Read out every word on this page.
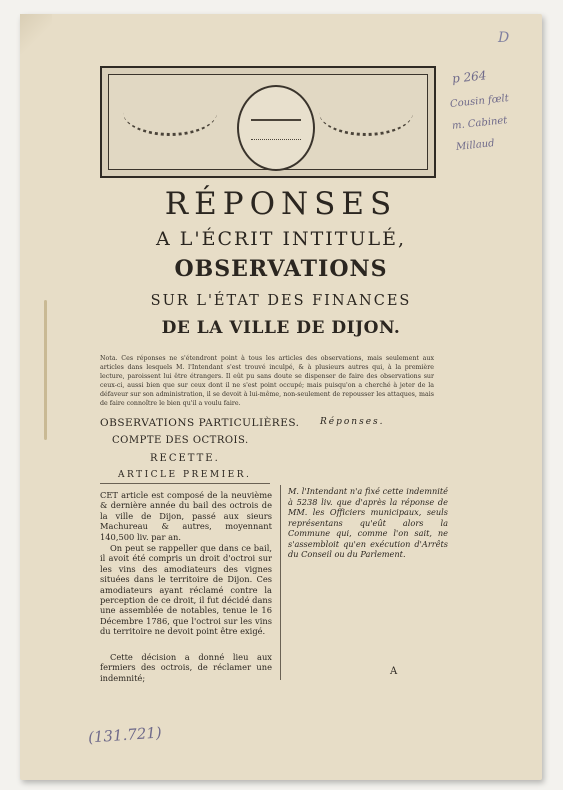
D
p 264
Cousin fœlt
m. Cabinet
Millaud
(131.721)
RÉPONSES
A L'ÉCRIT INTITULÉ,
OBSERVATIONS
SUR L'ÉTAT DES FINANCES
DE LA VILLE DE DIJON.
Nota. Ces réponses ne s'étendront point à tous les articles des observations, mais seulement aux articles dans lesquels M. l'Intendant s'est trouvé inculpé, & à plusieurs autres qui, à la première lecture, paroissent lui être étrangers. Il eût pu sans doute se dispenser de faire des observations sur ceux-ci, aussi bien que sur ceux dont il ne s'est point occupé; mais puisqu'on a cherché à jeter de la défaveur sur son administration, il se devoit à lui-même, non-seulement de repousser les attaques, mais de faire connoître le bien qu'il a voulu faire.
OBSERVATIONS PARTICULIÈRES. Réponses.
COMPTE DES OCTROIS.
RECETTE.
ARTICLE PREMIER.
CET article est composé de la neuvième & dernière année du bail des octrois de la ville de Dijon, passé aux sieurs Machureau & autres, moyennant 140,500 liv. par an.
On peut se rappeller que dans ce bail, il avoit été compris un droit d'octroi sur les vins des amodiateurs des vignes situées dans le territoire de Dijon. Ces amodiateurs ayant réclamé contre la perception de ce droit, il fut décidé dans une assemblée de notables, tenue le 16 Décembre 1786, que l'octroi sur les vins du territoire ne devoit point être exigé.
Cette décision a donné lieu aux fermiers des octrois, de réclamer une indemnité;
M. l'Intendant n'a fixé cette indemnité à 5238 liv. que d'après la réponse de MM. les Officiers municipaux, seuls représentans qu'eût alors la Commune qui, comme l'on sait, ne s'assembloit qu'en exécution d'Arrêts du Conseil ou du Parlement.
A
